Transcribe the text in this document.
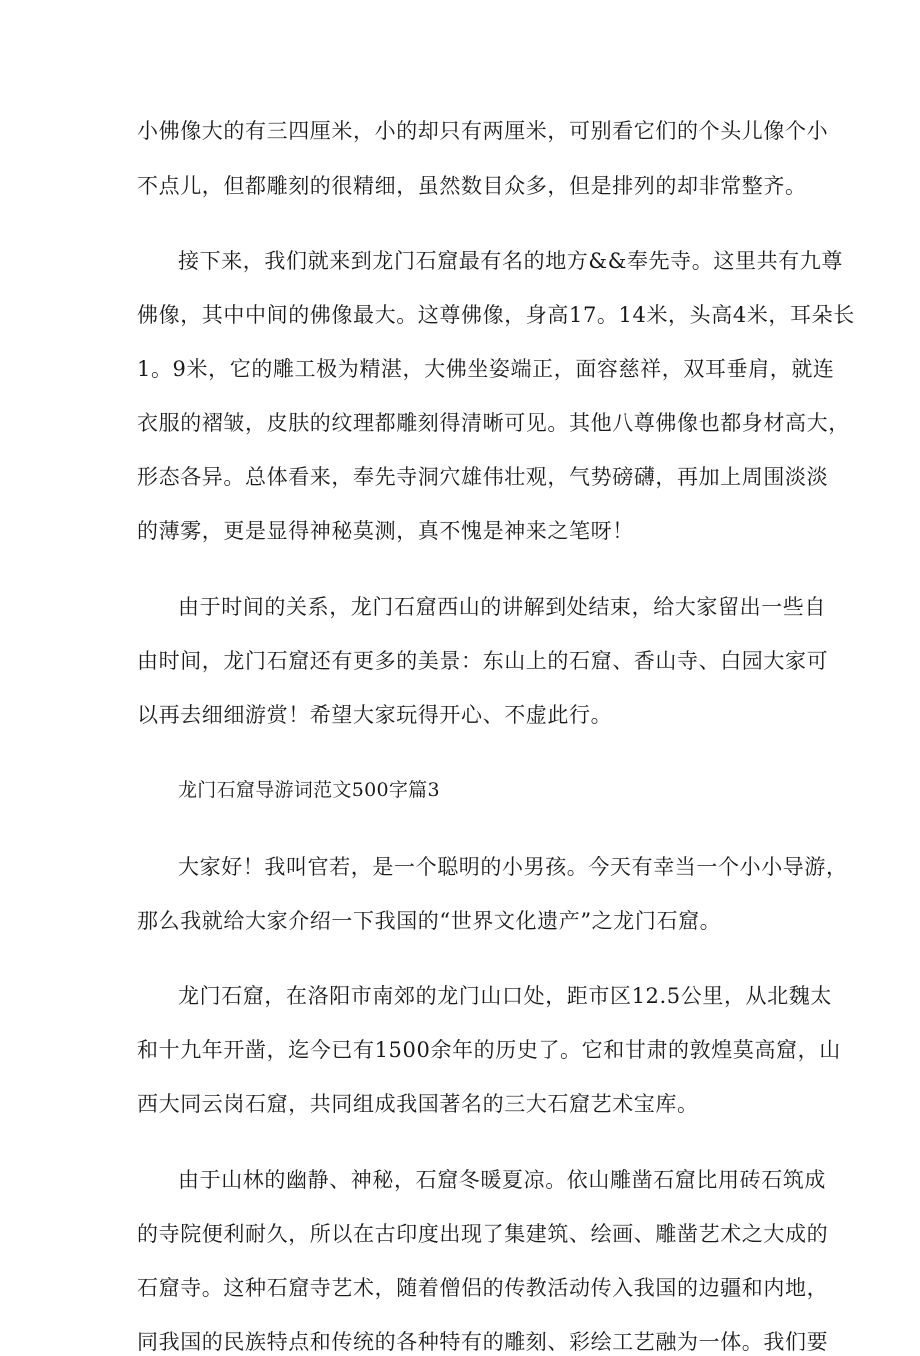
小佛像大的有三四厘米，小的却只有两厘米，可别看它们的个头儿像个小
不点儿，但都雕刻的很精细，虽然数目众多，但是排列的却非常整齐。
接下来，我们就来到龙门石窟最有名的地方&&奉先寺。这里共有九尊
佛像，其中中间的佛像最大。这尊佛像，身高17。14米，头高4米，耳朵长
1。9米，它的雕工极为精湛，大佛坐姿端正，面容慈祥，双耳垂肩，就连
衣服的褶皱，皮肤的纹理都雕刻得清晰可见。其他八尊佛像也都身材高大，
形态各异。总体看来，奉先寺洞穴雄伟壮观，气势磅礴，再加上周围淡淡
的薄雾，更是显得神秘莫测，真不愧是神来之笔呀！
由于时间的关系，龙门石窟西山的讲解到处结束，给大家留出一些自
由时间，龙门石窟还有更多的美景：东山上的石窟、香山寺、白园大家可
以再去细细游赏！希望大家玩得开心、不虚此行。
龙门石窟导游词范文500字篇3
大家好！我叫官若，是一个聪明的小男孩。今天有幸当一个小小导游，
那么我就给大家介绍一下我国的“世界文化遗产”之龙门石窟。
龙门石窟，在洛阳市南郊的龙门山口处，距市区12.5公里，从北魏太
和十九年开凿，迄今已有1500余年的历史了。它和甘肃的敦煌莫高窟，山
西大同云岗石窟，共同组成我国著名的三大石窟艺术宝库。
由于山林的幽静、神秘，石窟冬暖夏凉。依山雕凿石窟比用砖石筑成
的寺院便利耐久，所以在古印度出现了集建筑、绘画、雕凿艺术之大成的
石窟寺。这种石窟寺艺术，随着僧侣的传教活动传入我国的边疆和内地，
同我国的民族特点和传统的各种特有的雕刻、彩绘工艺融为一体。我们要
